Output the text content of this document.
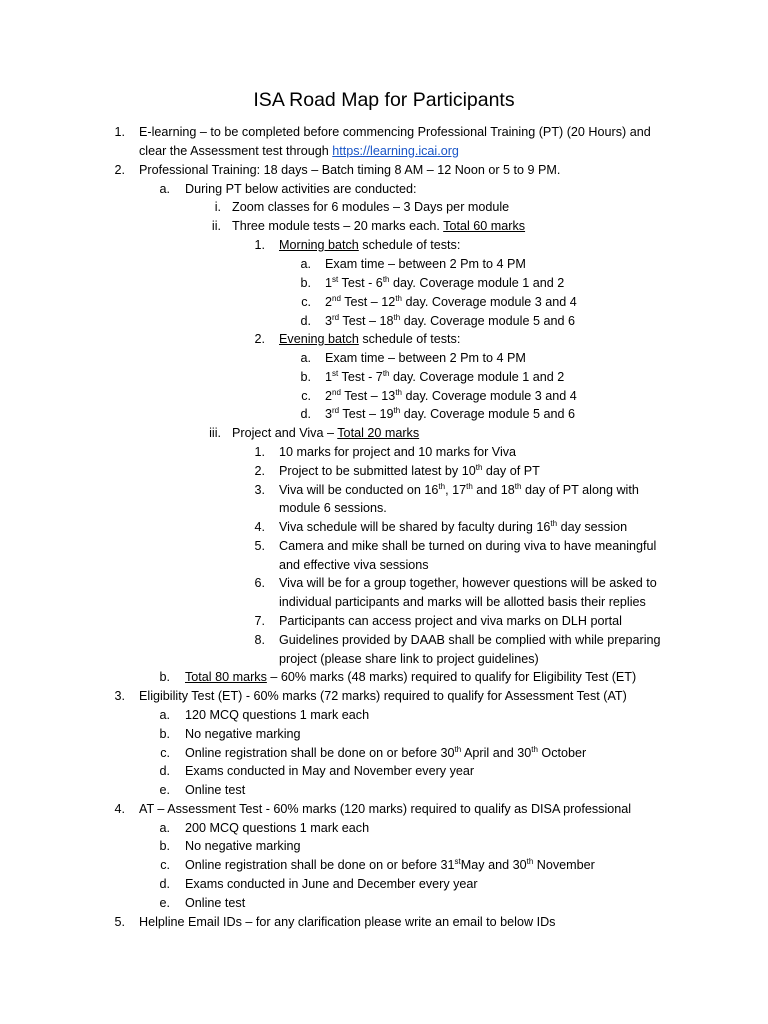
ISA Road Map for Participants
1. E-learning – to be completed before commencing Professional Training (PT) (20 Hours) and
clear the Assessment test through https://learning.icai.org
2. Professional Training: 18 days – Batch timing 8 AM – 12 Noon or 5 to 9 PM.
a. During PT below activities are conducted:
i. Zoom classes for 6 modules – 3 Days per module
ii. Three module tests – 20 marks each. Total 60 marks
1. Morning batch schedule of tests:
a. Exam time – between 2 Pm to 4 PM
b. 1st Test - 6th day. Coverage module 1 and 2
c. 2nd Test – 12th day. Coverage module 3 and 4
d. 3rd Test – 18th day. Coverage module 5 and 6
2. Evening batch schedule of tests:
a. Exam time – between 2 Pm to 4 PM
b. 1st Test - 7th day. Coverage module 1 and 2
c. 2nd Test – 13th day. Coverage module 3 and 4
d. 3rd Test – 19th day. Coverage module 5 and 6
iii. Project and Viva – Total 20 marks
1. 10 marks for project and 10 marks for Viva
2. Project to be submitted latest by 10th day of PT
3. Viva will be conducted on 16th, 17th and 18th day of PT along with
module 6 sessions.
4. Viva schedule will be shared by faculty during 16th day session
5. Camera and mike shall be turned on during viva to have meaningful
and effective viva sessions
6. Viva will be for a group together, however questions will be asked to
individual participants and marks will be allotted basis their replies
7. Participants can access project and viva marks on DLH portal
8. Guidelines provided by DAAB shall be complied with while preparing
project (please share link to project guidelines)
b. Total 80 marks – 60% marks (48 marks) required to qualify for Eligibility Test (ET)
3. Eligibility Test (ET) - 60% marks (72 marks) required to qualify for Assessment Test (AT)
a. 120 MCQ questions 1 mark each
b. No negative marking
c. Online registration shall be done on or before 30th April and 30th October
d. Exams conducted in May and November every year
e. Online test
4. AT – Assessment Test - 60% marks (120 marks) required to qualify as DISA professional
a. 200 MCQ questions 1 mark each
b. No negative marking
c. Online registration shall be done on or before 31stMay and 30th November
d. Exams conducted in June and December every year
e. Online test
5. Helpline Email IDs – for any clarification please write an email to below IDs
